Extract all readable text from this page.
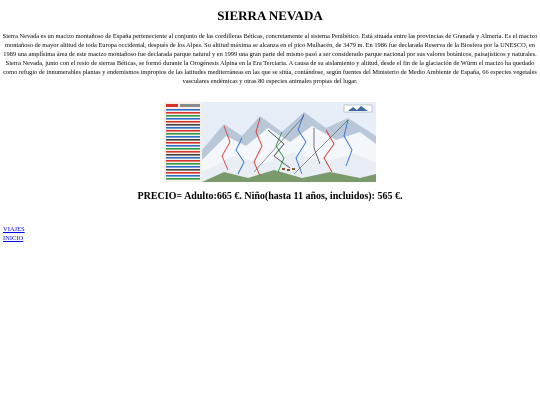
SIERRA NEVADA

Sierra Nevada es un macizo montañoso de España perteneciente al conjunto de las cordilleras Béticas, concretamente al sistema Penibético. Está situada entre las provincias de Granada y Almería. Es el macizo montañoso de mayor altitud de toda Europa occidental, después de los Alpes. Su altitud máxima se alcanza en el pico Mulhacén, de 3479 m. En 1986 fue declarada Reserva de la Biosfera por la UNESCO, en 1989 una amplísima área de este macizo montañoso fue declarada parque natural y en 1999 una gran parte del mismo pasó a ser considerado parque nacional por sus valores botánicos, paisajísticos y naturales. Sierra Nevada, junto con el resto de sierras Béticas, se formó durante la Orogénesis Alpina en la Era Terciaria. A causa de su aislamiento y altitud, desde el fin de la glaciación de Würm el macizo ha quedado como refugio de innumerables plantas y endemismos impropios de las latitudes mediterráneas en las que se sitúa, contándose, según fuentes del Ministerio de Medio Ambiente de España, 66 especies vegetales vasculares endémicas y otras 80 especies animales propias del lugar.

PRECIO= Adulto:665 €. Niño(hasta 11 años, incluidos): 565 €.

VIAJES
INICIO
